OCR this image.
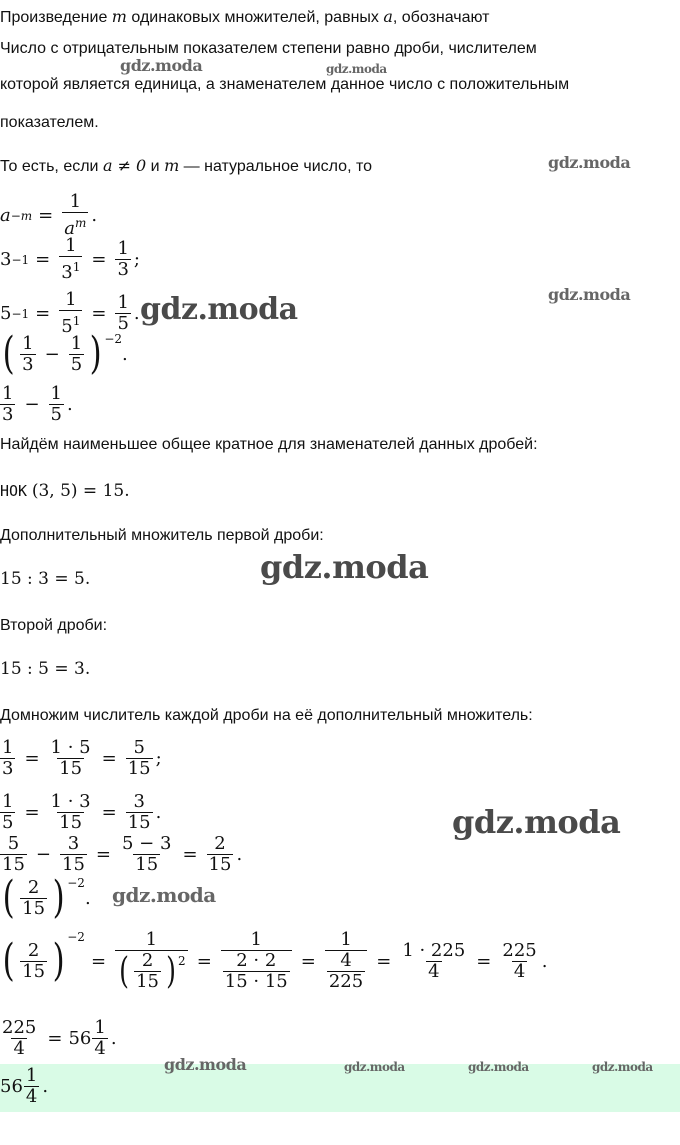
Произведение m одинаковых множителей, равных a, обозначают
Число с отрицательным показателем степени равно дроби, числителем
которой является единица, а знаменателем данное число с положительным
показателем.
То есть, если a ≠ 0 и m — натуральное число, то
$a -m = \frac{1}{a^m}$ .
$3 -1 = \frac{1}{3^1} = \frac{1}{3}$ ;
$5 -1 = \frac{1}{5^1} = \frac{1}{5}$ .
( $\frac{1}{3} - \frac{1}{5} )^{-2}$
.
$\frac{1}{3} - \frac{1}{5}$ .
Найдём наименьшее общее кратное для знаменателей данных дробей:
НОК (3, 5) = 15.
Дополнительный множитель первой дроби:
15 : 3 = 5.
Второй дроби:
15 : 5 = 3.
Домножим числитель каждой дроби на её дополнительный множитель:
$\frac{1}{3} = \frac{1 \cdot 5}{15} = \frac{5}{15}$ ;
$\frac{1}{5} = \frac{1 \cdot 3}{15} = \frac{3}{15}$ .
$\frac{5}{15} - \frac{3}{15} = \frac{5 - 3}{15} = \frac{2}{15}$ .
( $\frac{2}{15} )^{-2}$
.
( $\frac{2}{15} )^{-2}$
= $\frac{1}{( \frac{2}{15} )^2} = \frac{1}{\frac{2 \cdot 2}{15 \cdot 15}} = \frac{1}{\frac{4}{225}} = \frac{1 \cdot 225}{4} = \frac{225}{4}$ .
$\frac{225}{4} = 56 \frac{1}{4}$ .
$56 \frac{1}{4}$ .
gdz.moda	gdz.moda
gdz.moda
gdz.moda
gdz.moda
gdz.moda
gdz.moda
gdz.moda
gdz.moda	gdz.moda	gdz.moda	gdz.moda
